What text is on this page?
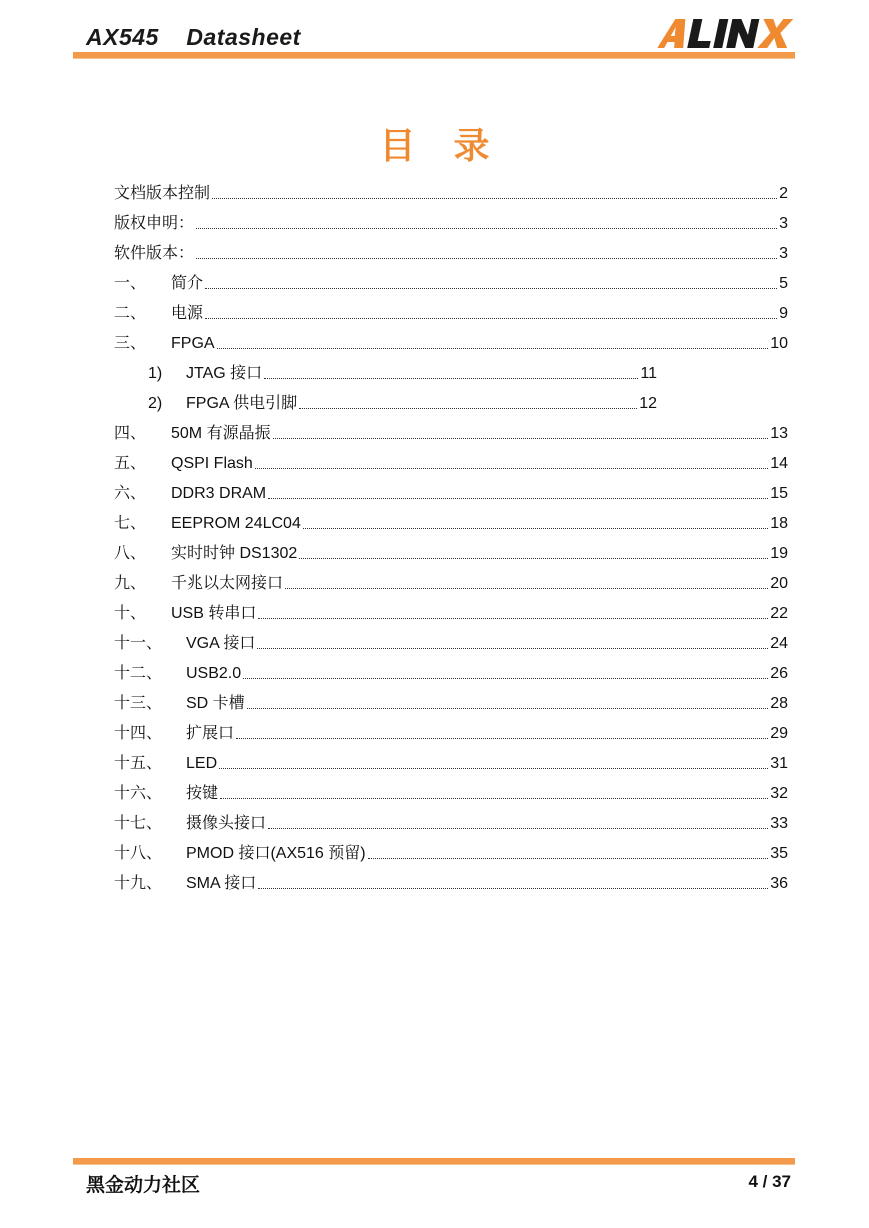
AX545    Datasheet
目 录
文档版本控制	2
版权申明：	3
软件版本：	3
一、	简介	5
二、	电源	9
三、	FPGA	10
1)	JTAG 接口	11
2)	FPGA 供电引脚	12
四、	50M 有源晶振	13
五、	QSPI Flash	14
六、	DDR3 DRAM	15
七、	EEPROM 24LC04	18
八、	实时时钟 DS1302	19
九、	千兆以太网接口	20
十、	USB 转串口	22
十一、	VGA 接口	24
十二、	USB2.0	26
十三、	SD 卡槽	28
十四、	扩展口	29
十五、	LED	31
十六、	按键	32
十七、	摄像头接口	33
十八、	PMOD 接口(AX516 预留)	35
十九、	SMA 接口	36
黑金动力社区	4 / 37
